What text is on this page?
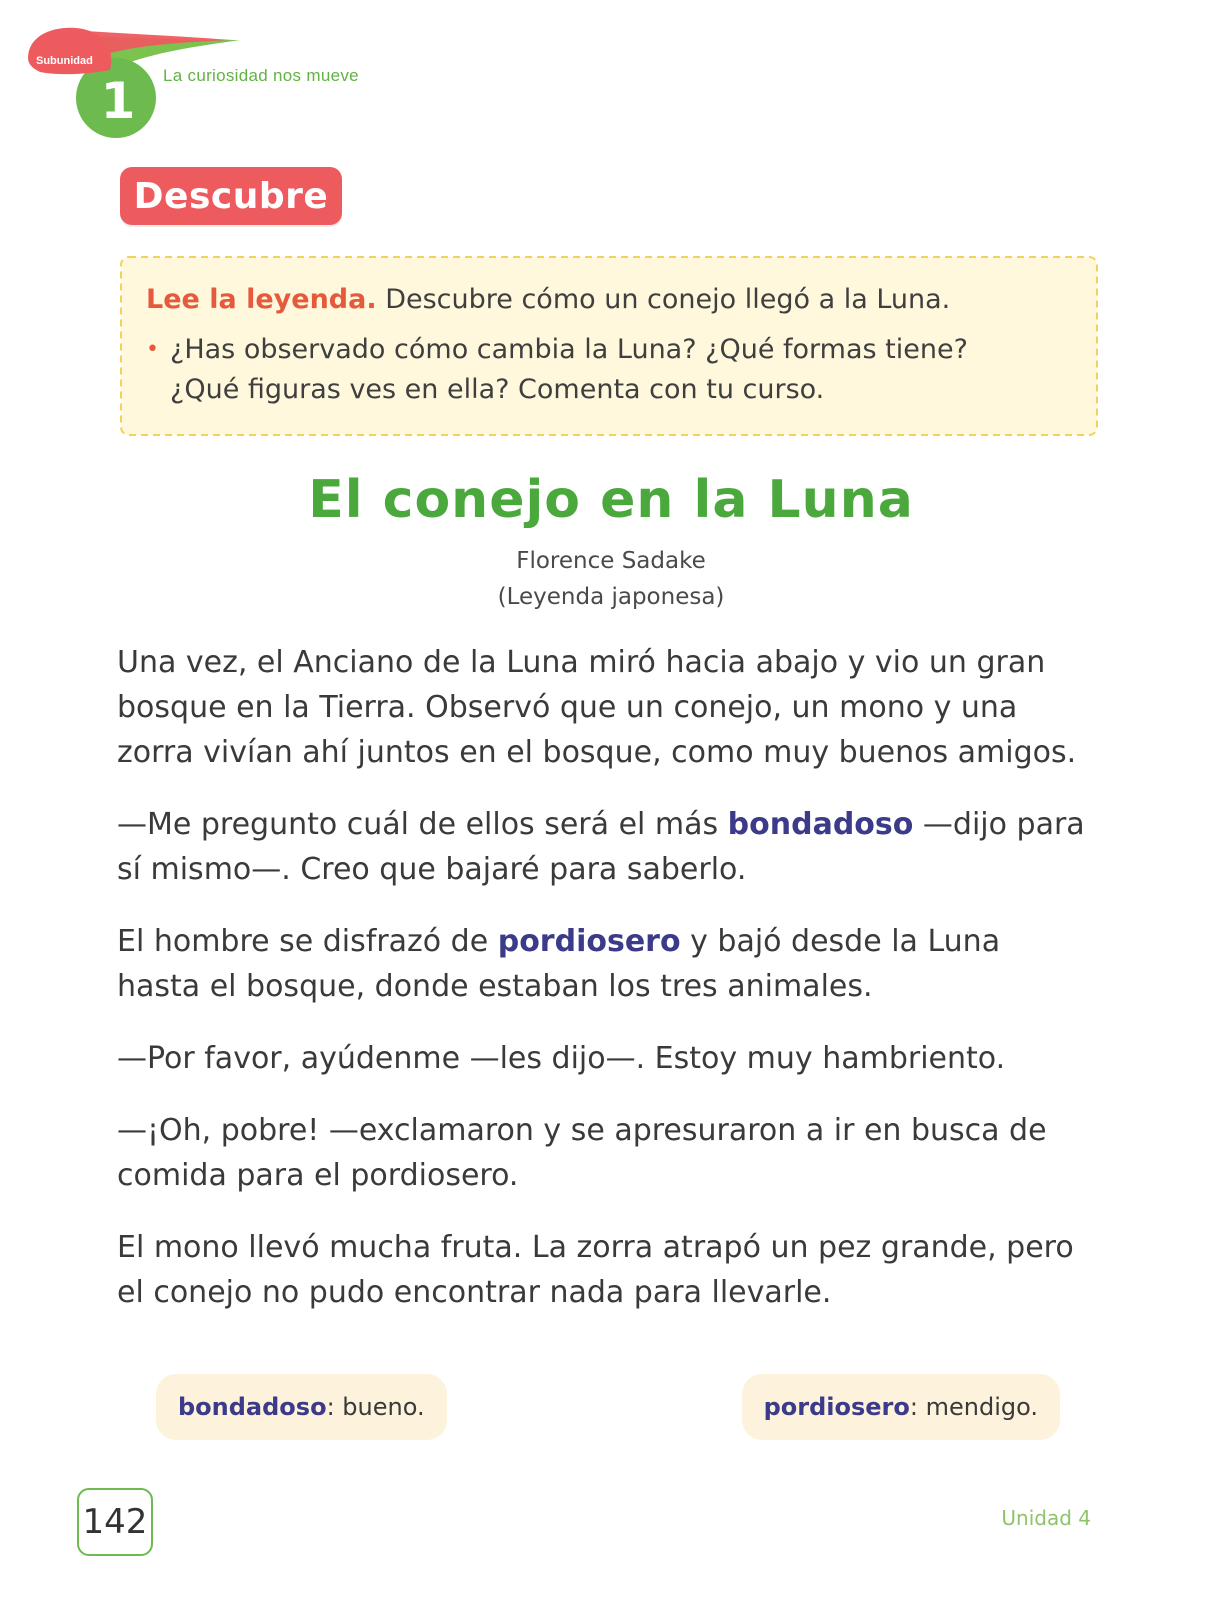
Subunidad
1 La curiosidad nos mueve
Descubre
Lee la leyenda. Descubre cómo un conejo llegó a la Luna.
• ¿Has observado cómo cambia la Luna? ¿Qué formas tiene?
¿Qué figuras ves en ella? Comenta con tu curso.
El conejo en la Luna
Florence Sadake
(Leyenda japonesa)

Una vez, el Anciano de la Luna miró hacia abajo y vio un gran bosque en la Tierra. Observó que un conejo, un mono y una zorra vivían ahí juntos en el bosque, como muy buenos amigos.

—Me pregunto cuál de ellos será el más bondadoso —dijo para sí mismo—. Creo que bajaré para saberlo.

El hombre se disfrazó de pordiosero y bajó desde la Luna hasta el bosque, donde estaban los tres animales.

—Por favor, ayúdenme —les dijo—. Estoy muy hambriento.

—¡Oh, pobre! —exclamaron y se apresuraron a ir en busca de comida para el pordiosero.

El mono llevó mucha fruta. La zorra atrapó un pez grande, pero el conejo no pudo encontrar nada para llevarle.

bondadoso : bueno.	pordiosero : mendigo.
142	Unidad 4
